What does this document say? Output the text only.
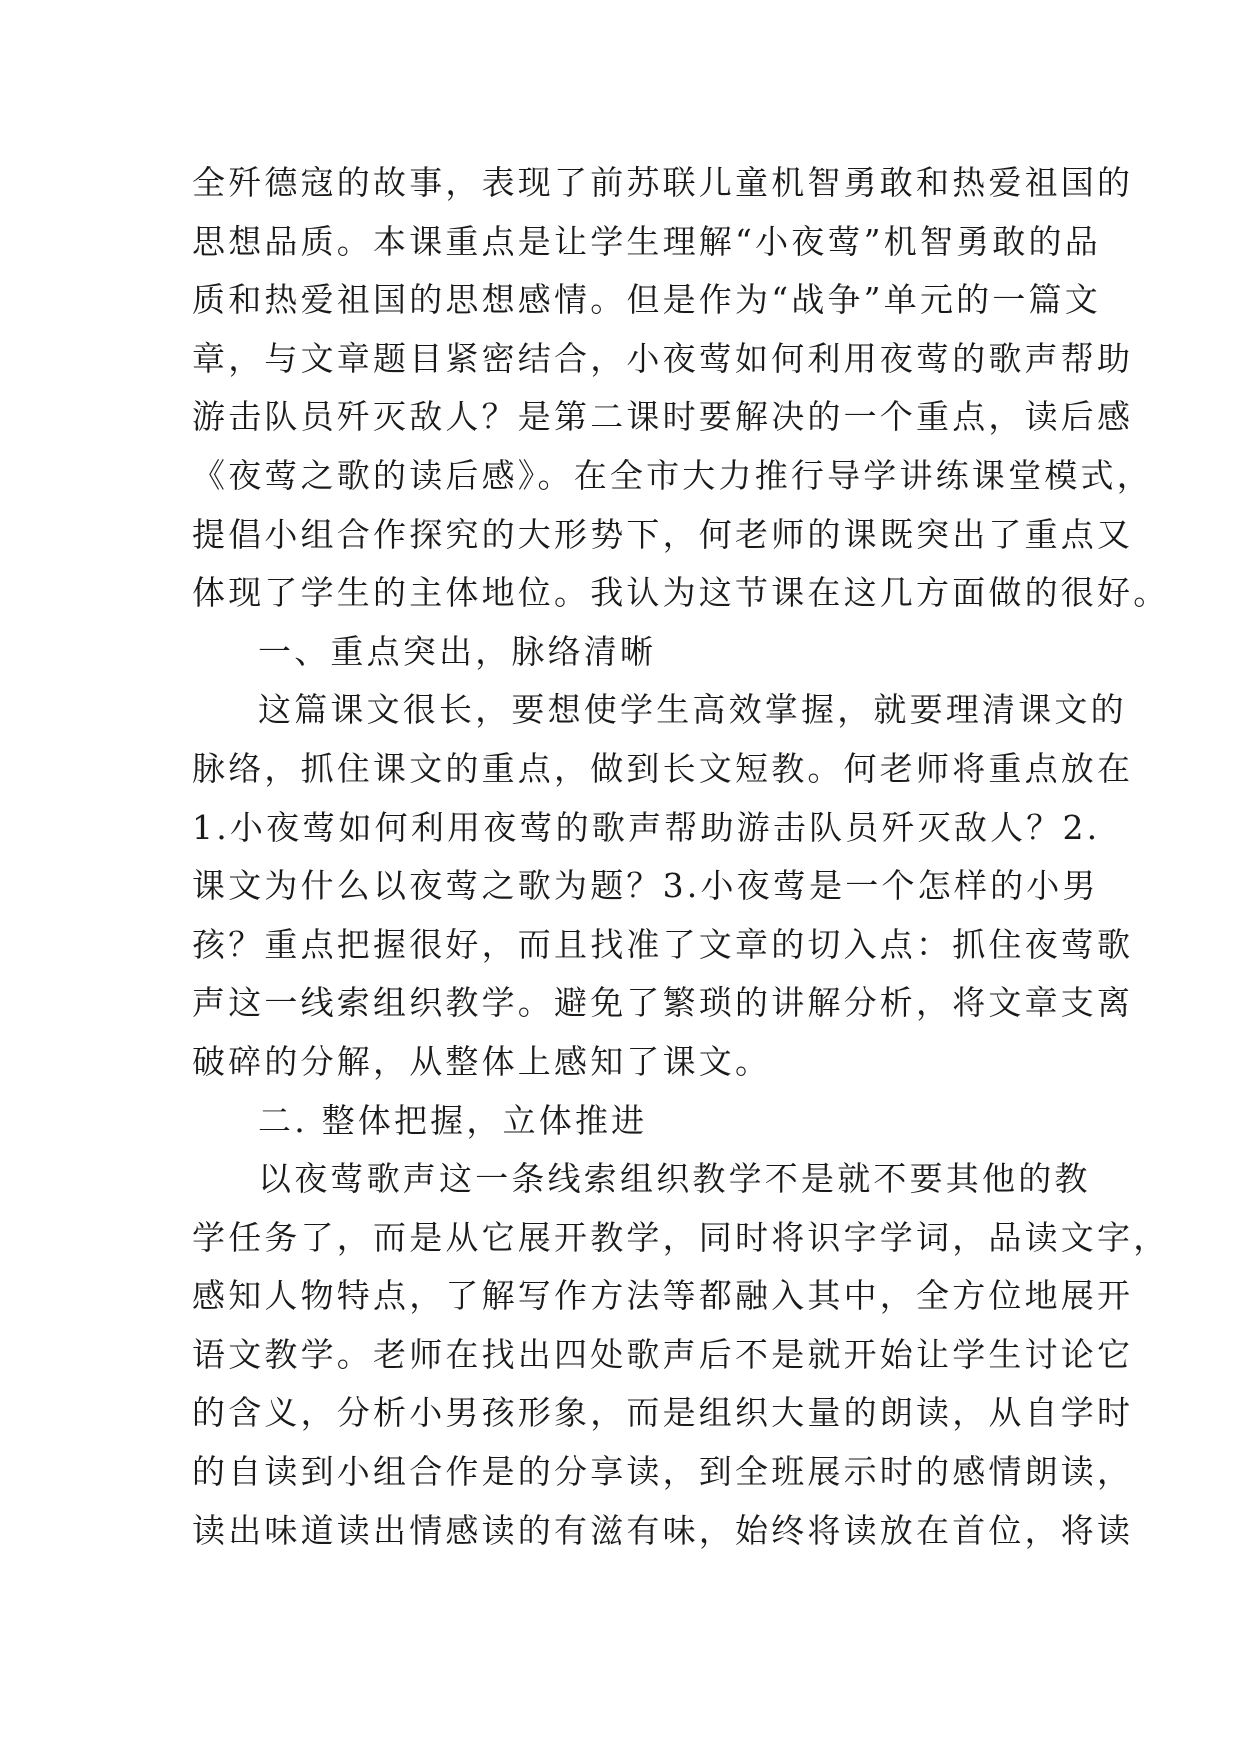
全歼德寇的故事，表现了前苏联儿童机智勇敢和热爱祖国的
思想品质。本课重点是让学生理解“小夜莺”机智勇敢的品
质和热爱祖国的思想感情。但是作为“战争”单元的一篇文
章，与文章题目紧密结合，小夜莺如何利用夜莺的歌声帮助
游击队员歼灭敌人？是第二课时要解决的一个重点，读后感
《夜莺之歌的读后感》。在全市大力推行导学讲练课堂模式，
提倡小组合作探究的大形势下，何老师的课既突出了重点又
体现了学生的主体地位。我认为这节课在这几方面做的很好。
一、重点突出，脉络清晰
这篇课文很长，要想使学生高效掌握，就要理清课文的
脉络，抓住课文的重点，做到长文短教。何老师将重点放在
1.小夜莺如何利用夜莺的歌声帮助游击队员歼灭敌人？2.
课文为什么以夜莺之歌为题？3.小夜莺是一个怎样的小男
孩？重点把握很好，而且找准了文章的切入点：抓住夜莺歌
声这一线索组织教学。避免了繁琐的讲解分析，将文章支离
破碎的分解，从整体上感知了课文。
二. 整体把握，立体推进
以夜莺歌声这一条线索组织教学不是就不要其他的教
学任务了，而是从它展开教学，同时将识字学词，品读文字，
感知人物特点，了解写作方法等都融入其中，全方位地展开
语文教学。老师在找出四处歌声后不是就开始让学生讨论它
的含义，分析小男孩形象，而是组织大量的朗读，从自学时
的自读到小组合作是的分享读，到全班展示时的感情朗读，
读出味道读出情感读的有滋有味，始终将读放在首位，将读
